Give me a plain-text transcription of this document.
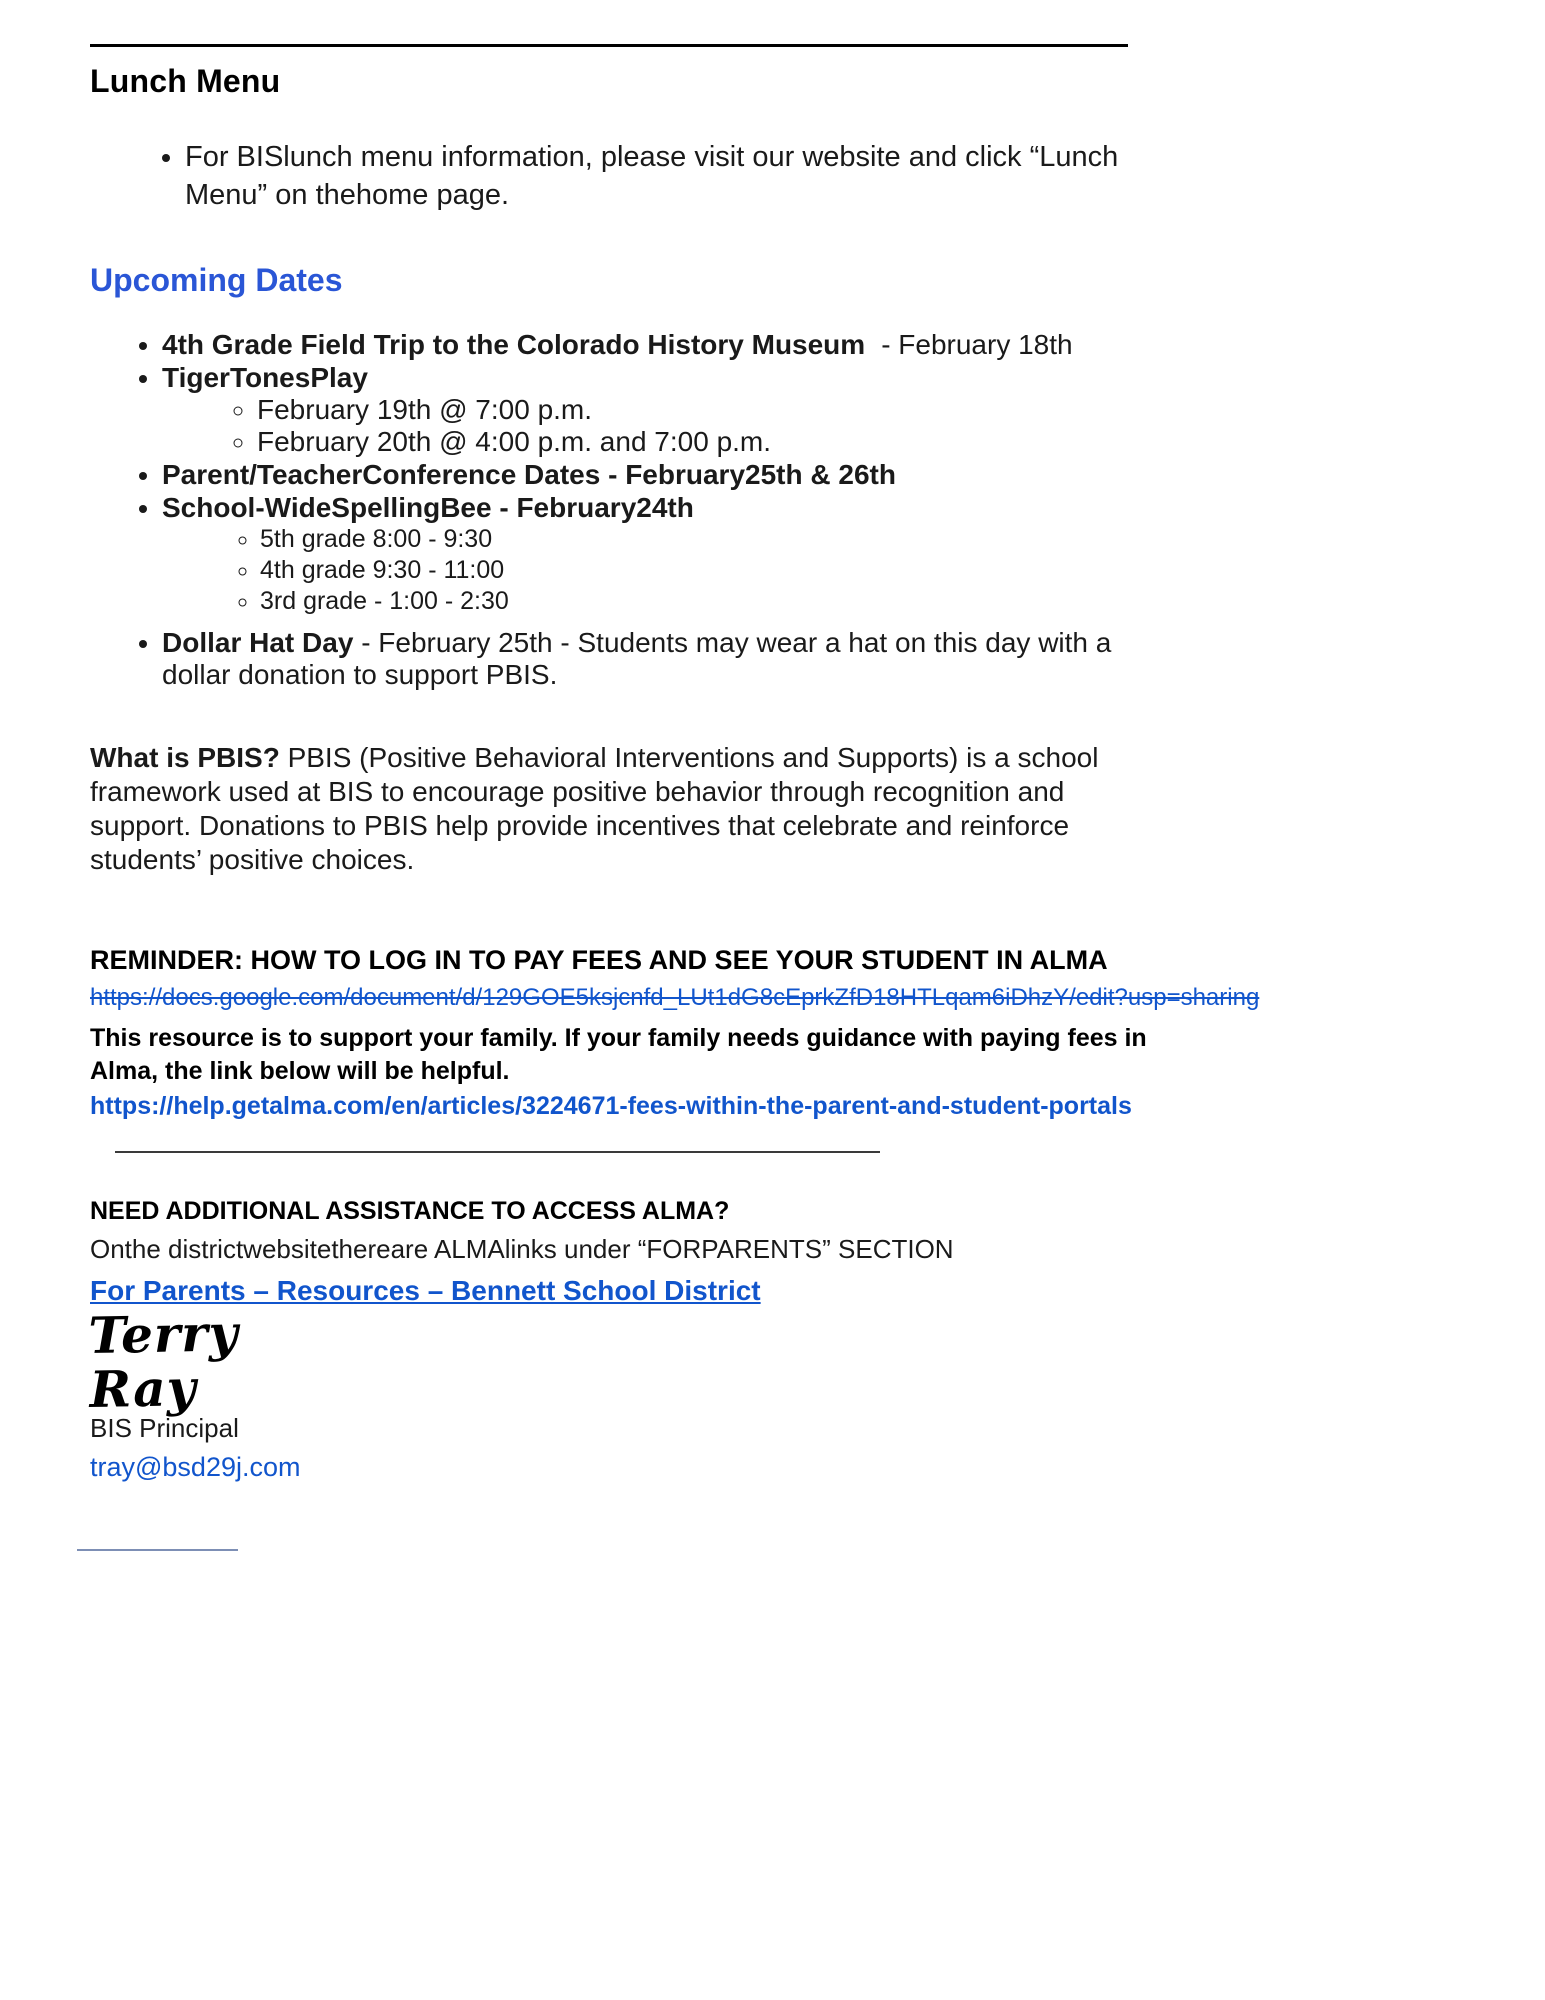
Lunch Menu
• For BISlunch menu information, please visit our website and click “Lunch Menu” on thehome page.
Upcoming Dates
• 4th Grade Field Trip to the Colorado History Museum - February 18th
• TigerTonesPlay
◦ February 19th @ 7:00 p.m.
◦ February 20th @ 4:00 p.m. and 7:00 p.m.
• Parent/TeacherConference Dates - February25th & 26th
• School-WideSpellingBee - February24th
◦ 5th grade 8:00 - 9:30
◦ 4th grade 9:30 - 11:00
◦ 3rd grade - 1:00 - 2:30
• Dollar Hat Day - February 25th - Students may wear a hat on this day with a dollar donation to support PBIS.

What is PBIS? PBIS (Positive Behavioral Interventions and Supports) is a school framework used at BIS to encourage positive behavior through recognition and support. Donations to PBIS help provide incentives that celebrate and reinforce students’ positive choices.

REMINDER: HOW TO LOG IN TO PAY FEES AND SEE YOUR STUDENT IN ALMA
https://docs.google.com/document/d/129GOE5ksjcnfd_LUt1dG8cEprkZfD18HTLqam6iDhzY/edit?usp=sharing

This resource is to support your family. If your family needs guidance with paying fees in Alma, the link below will be helpful.

https://help.getalma.com/en/articles/3224671-fees-within-the-parent-and-student-portals
NEED ADDITIONAL ASSISTANCE TO ACCESS ALMA?

Onthe districtwebsitethereare ALMAlinks under “FORPARENTS” SECTION

For Parents – Resources – Bennett School District
Terry Ray

BIS Principal

tray@bsd29j.com
